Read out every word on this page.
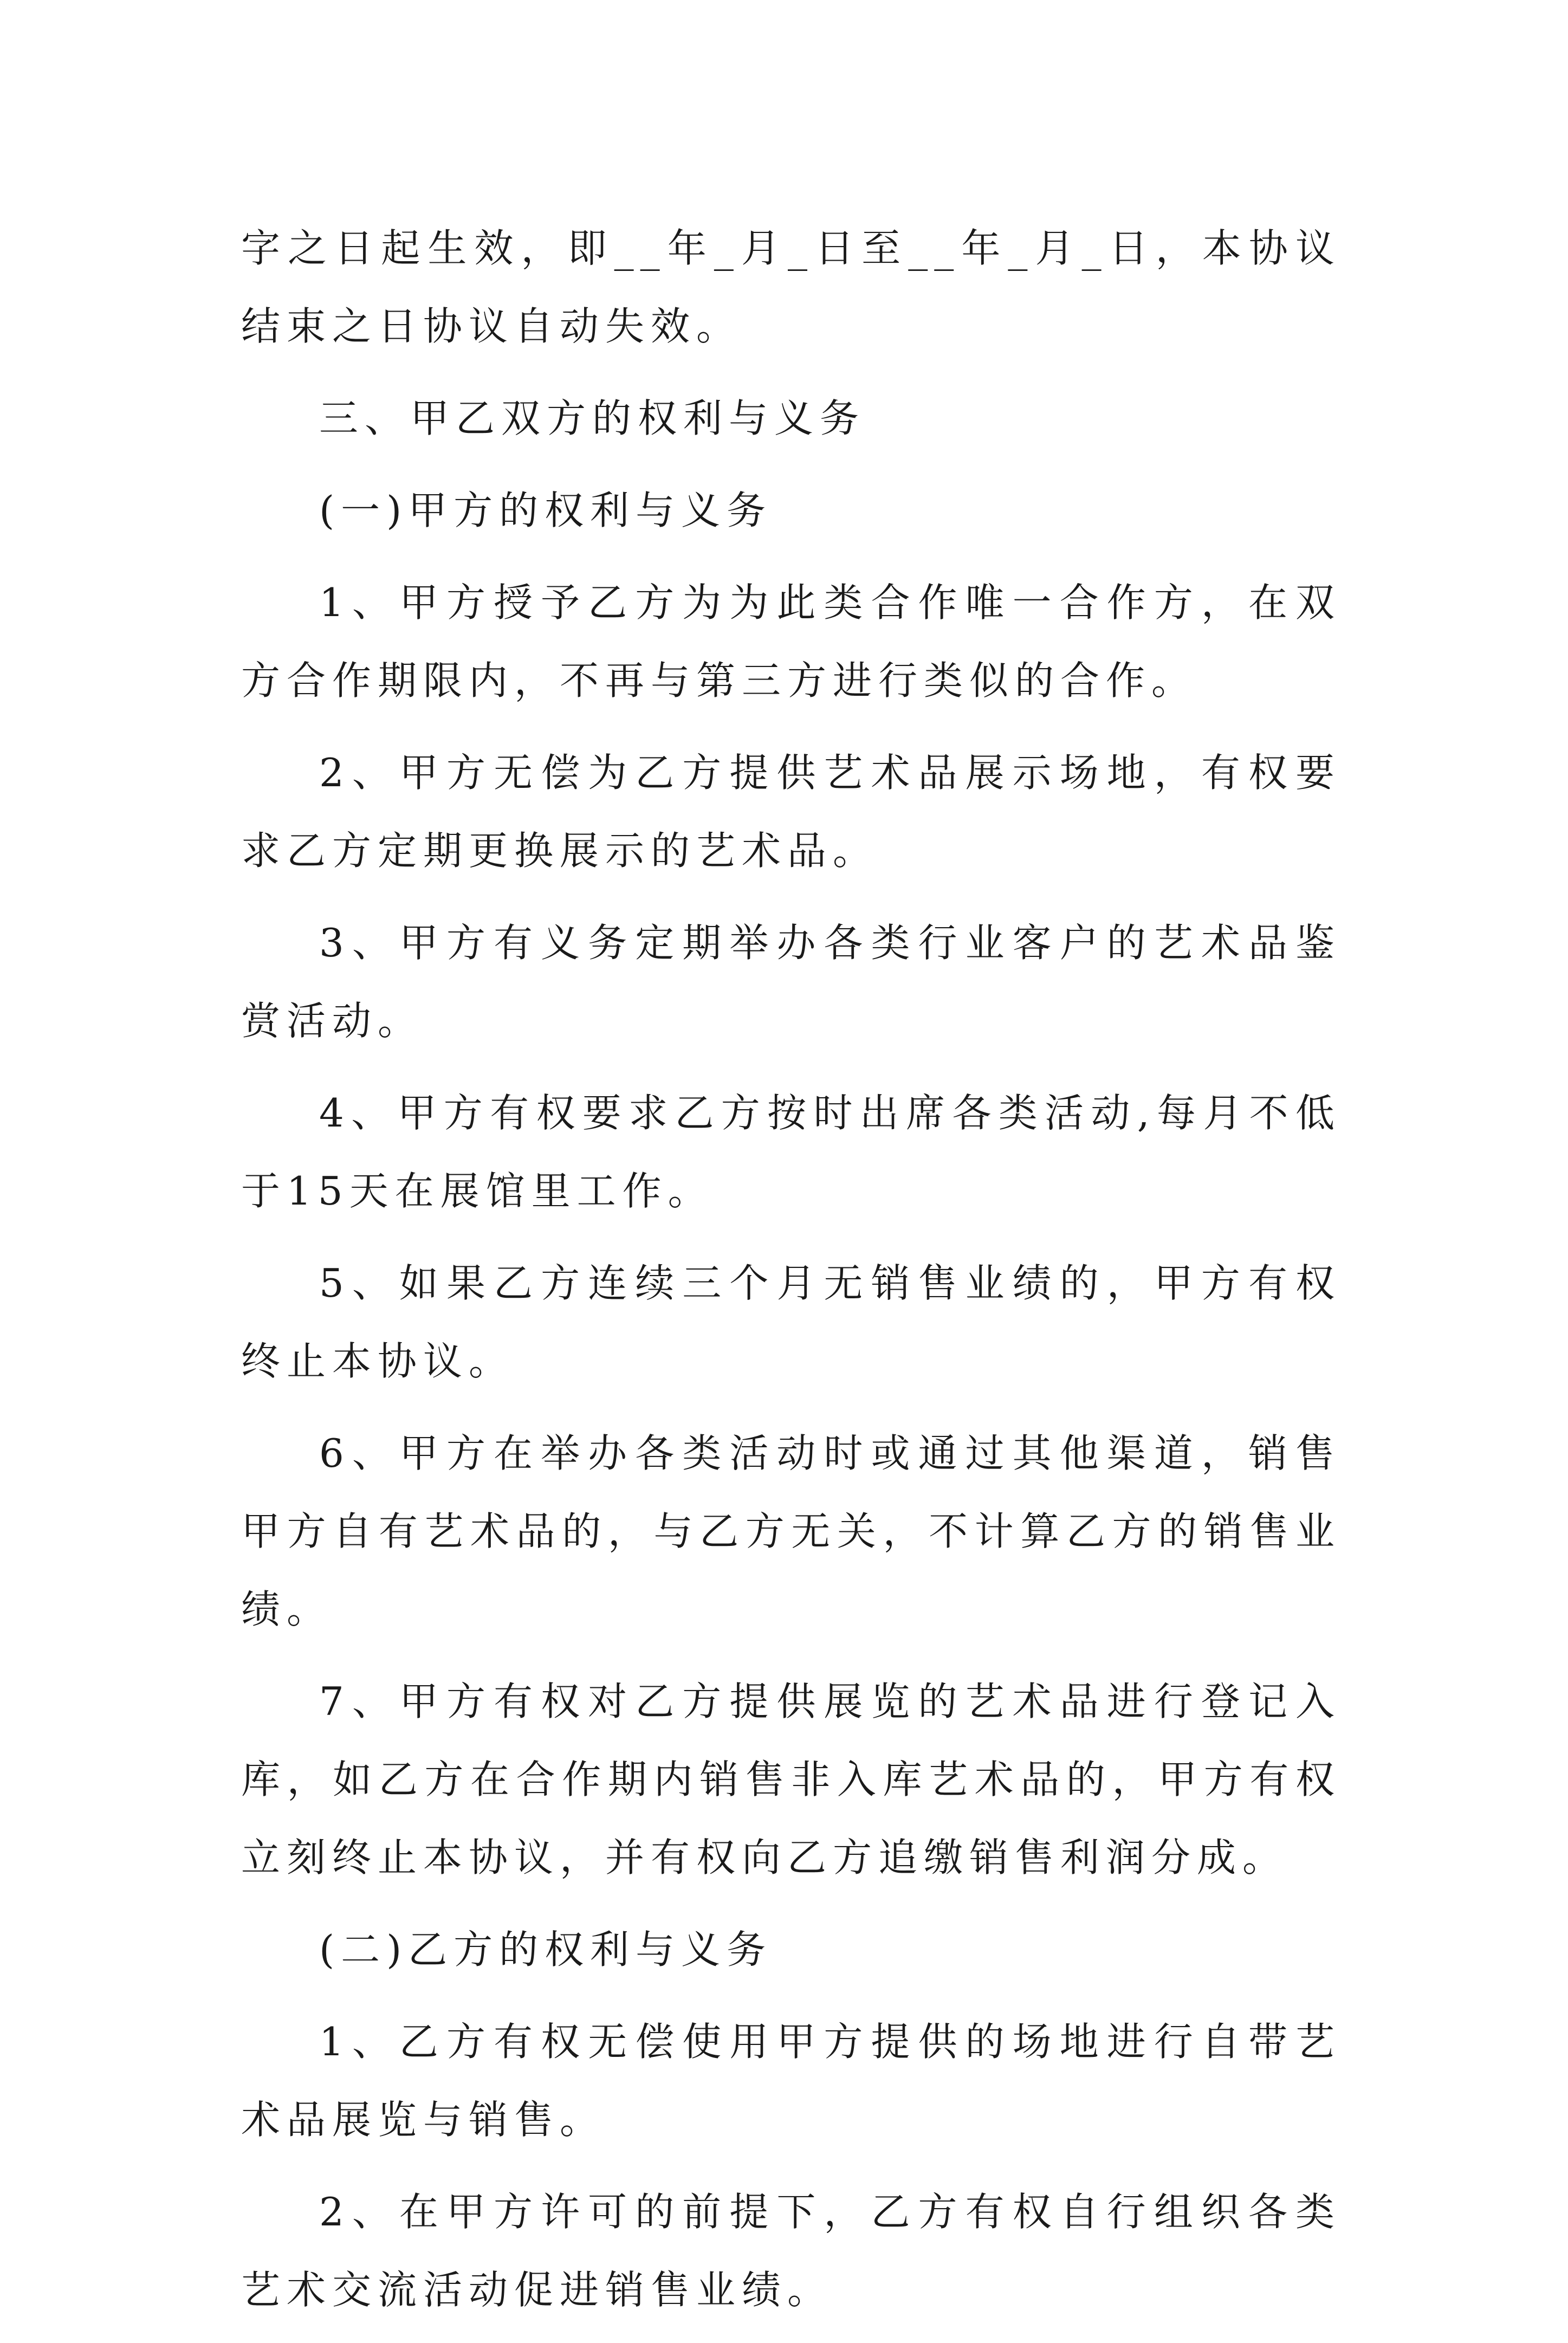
字之日起生效，即__年_月_日至__年_月_日，本协议结束之日协议自动失效。

三、甲乙双方的权利与义务

(一)甲方的权利与义务

1、甲方授予乙方为为此类合作唯一合作方，在双方合作期限内，不再与第三方进行类似的合作。

2、甲方无偿为乙方提供艺术品展示场地，有权要求乙方定期更换展示的艺术品。

3、甲方有义务定期举办各类行业客户的艺术品鉴赏活动。

4、甲方有权要求乙方按时出席各类活动,每月不低于15天在展馆里工作。

5、如果乙方连续三个月无销售业绩的，甲方有权终止本协议。

6、甲方在举办各类活动时或通过其他渠道，销售甲方自有艺术品的，与乙方无关，不计算乙方的销售业绩。

7、甲方有权对乙方提供展览的艺术品进行登记入库，如乙方在合作期内销售非入库艺术品的，甲方有权立刻终止本协议，并有权向乙方追缴销售利润分成。

(二)乙方的权利与义务

1、乙方有权无偿使用甲方提供的场地进行自带艺术品展览与销售。

2、在甲方许可的前提下，乙方有权自行组织各类艺术交流活动促进销售业绩。
